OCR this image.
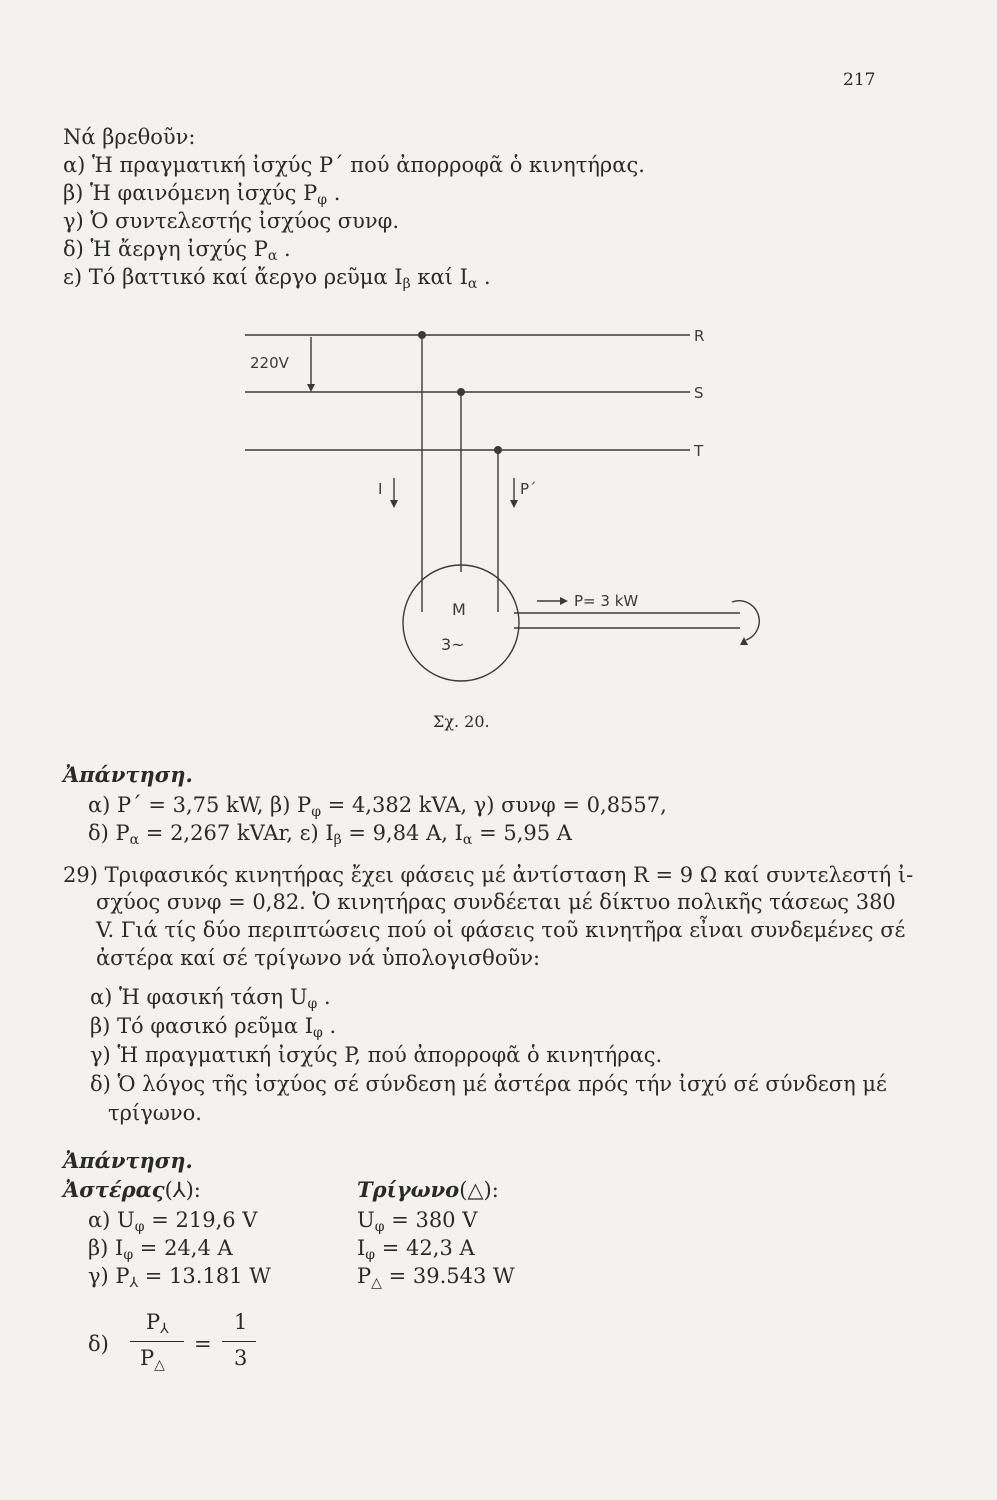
217
Νά βρεθοῦν:
α) Ἡ πραγματική ἰσχύς P΄ πού ἀπορροφᾶ ὁ κινητήρας.
β) Ἡ φαινόμενη ἰσχύς $P_\varphi$ .
γ) Ὁ συντελεστής ἰσχύος συνφ.
δ) Ἡ ἄεργη ἰσχύς $P_\alpha$ .
ε) Τό βαττικό καί ἄεργο ρεῦμα $I_\beta$ καί $I_\alpha$ .
220V
R
S
T
I	P΄
M
3~
P= 3 kW
Σχ. 20.
Ἀπάντηση.
α) P΄ = 3,75 kW, β) $P_\varphi = 4,382$ kVA, γ) συνφ = 0,8557,
δ) $P_\alpha = 2,267$ kVAr, ε) $I_\beta = 9,84$ A, $I_\alpha = 5,95$ A
29) Τριφασικός κινητήρας ἔχει φάσεις μέ ἀντίσταση R = 9 Ω καί συντελεστή ἰ-
σχύος συνφ = 0,82. Ὁ κινητήρας συνδέεται μέ δίκτυο πολικῆς τάσεως 380
V. Γιά τίς δύο περιπτώσεις πού οἱ φάσεις τοῦ κινητῆρα εἶναι συνδεμένες σέ
ἀστέρα καί σέ τρίγωνο νά ὑπολογισθοῦν:
α) Ἡ φασική τάση $U_\varphi$ .
β) Τό φασικό ρεῦμα $I_\varphi$ .
γ) Ἡ πραγματική ἰσχύς P, πού ἀπορροφᾶ ὁ κινητήρας.
δ) Ὁ λόγος τῆς ἰσχύος σέ σύνδεση μέ ἀστέρα πρός τήν ἰσχύ σέ σύνδεση μέ
τρίγωνο.
Ἀπάντηση.
Ἀστέρας(⅄):	Τρίγωνο(△):
α) $U_\varphi = 219,6$ V
β) $I_\varphi = 24,4$ A
γ) $P_⅄ = 13.181$ W
$U_\varphi = 380$ V
$I_\varphi = 42,3$ A
$P_\triangle = 39.543$ W
δ)
$P_⅄$
$P_\triangle$
=
1
3
